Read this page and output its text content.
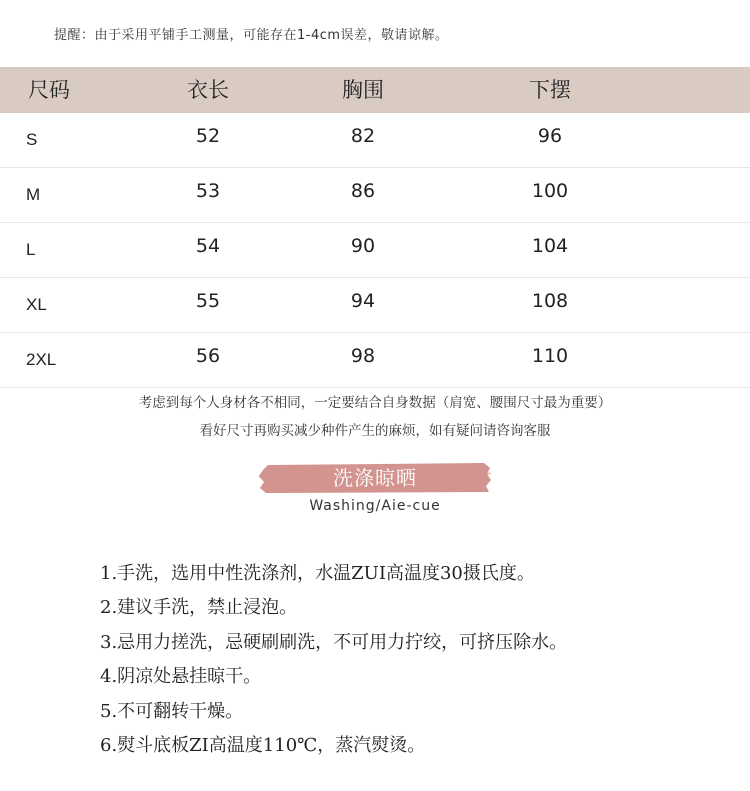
提醒：由于采用平铺手工测量，可能存在1-4cm误差，敬请谅解。
尺码	衣长	胸围	下摆
S	52	82	96
M	53	86	100
L	54	90	104
XL	55	94	108
2XL	56	98	110
考虑到每个人身材各不相同，一定要结合自身数据（肩宽、腰围尺寸最为重要）
看好尺寸再购买减少种件产生的麻烦，如有疑问请咨询客服
洗涤晾晒
Washing/Aie-cue
1.手洗，选用中性洗涤剂，水温ZUI高温度30摄氏度。
2.建议手洗，禁止浸泡。
3.忌用力搓洗，忌硬刷刷洗，不可用力拧绞，可挤压除水。
4.阴凉处悬挂晾干。
5.不可翻转干燥。
6.熨斗底板ZI高温度110℃，蒸汽熨烫。
